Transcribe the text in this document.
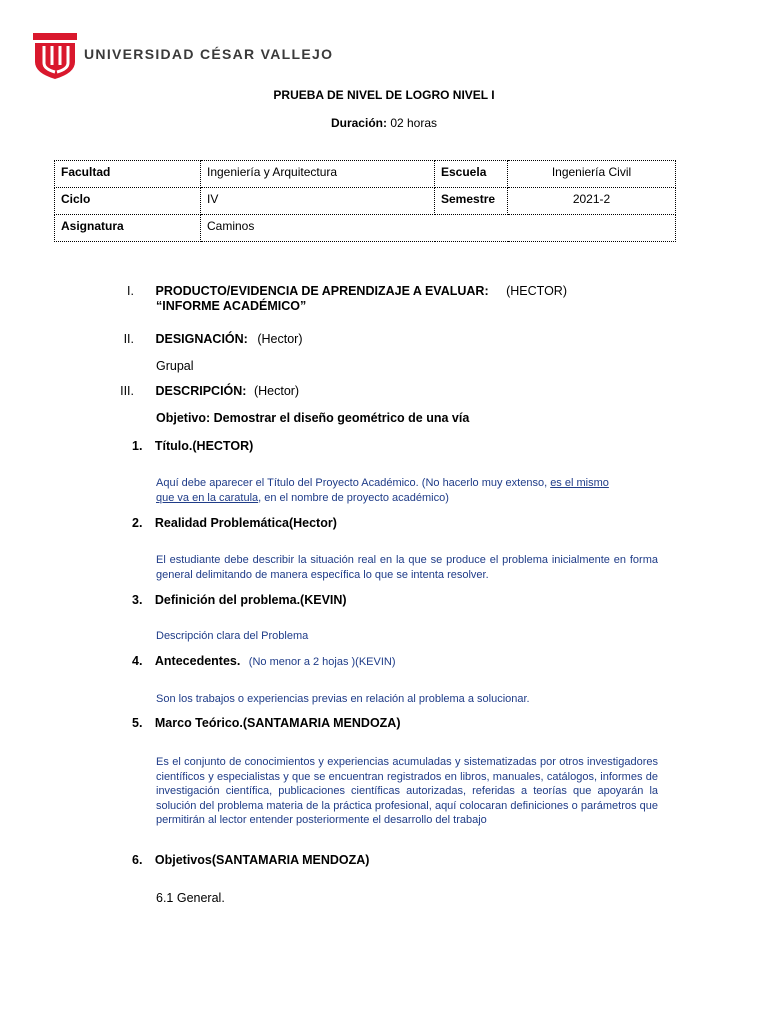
UNIVERSIDAD CÉSAR VALLEJO
PRUEBA DE NIVEL DE LOGRO NIVEL I
Duración: 02 horas
Facultad	Ingeniería y Arquitectura	Escuela	Ingeniería Civil
Ciclo	IV	Semestre	2021-2
Asignatura	Caminos		
I. PRODUCTO/EVIDENCIA DE APRENDIZAJE A EVALUAR: (HECTOR)
“INFORME ACADÉMICO”
II. DESIGNACIÓN: (Hector)
Grupal
III. DESCRIPCIÓN: (Hector)
Objetivo: Demostrar el diseño geométrico de una vía
1. Título.(HECTOR)
Aquí debe aparecer el Título del Proyecto Académico. (No hacerlo muy extenso, es el mismo
que va en la caratula, en el nombre de proyecto académico)
2. Realidad Problemática(Hector)
El estudiante debe describir la situación real en la que se produce el problema inicialmente en forma general delimitando de manera específica lo que se intenta resolver.
3. Definición del problema.(KEVIN)
Descripción clara del Problema
4. Antecedentes. (No menor a 2 hojas )(KEVIN)
Son los trabajos o experiencias previas en relación al problema a solucionar.
5. Marco Teórico.(SANTAMARIA MENDOZA)
Es el conjunto de conocimientos y experiencias acumuladas y sistematizadas por otros investigadores científicos y especialistas y que se encuentran registrados en libros, manuales, catálogos, informes de investigación científica, publicaciones científicas autorizadas, referidas a teorías que apoyarán la solución del problema materia de la práctica profesional, aquí colocaran definiciones o parámetros que permitirán al lector entender posteriormente el desarrollo del trabajo
6. Objetivos(SANTAMARIA MENDOZA)
6.1 General.
